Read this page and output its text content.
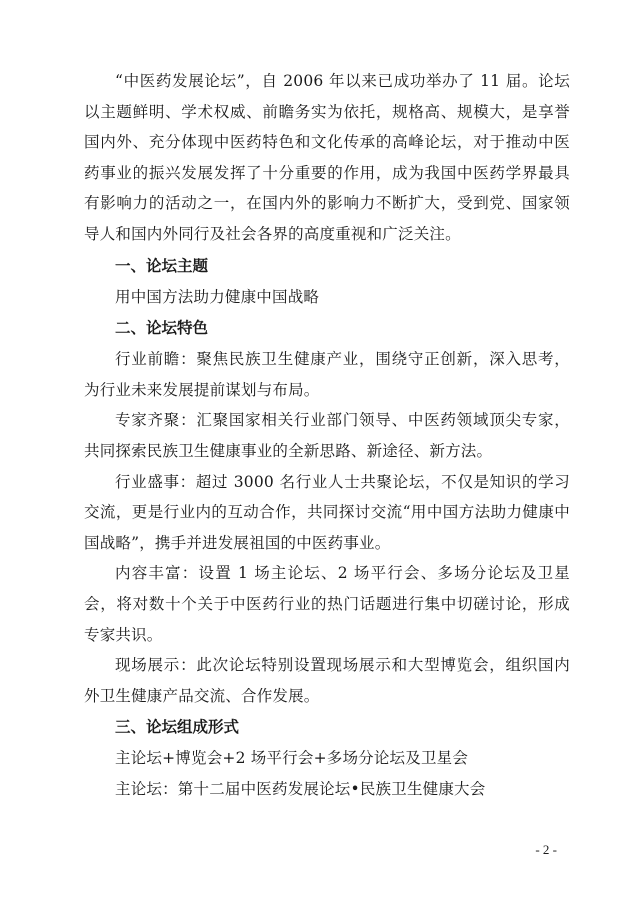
“中医药发展论坛”，自 2006 年以来已成功举办了 11 届。论坛以主题鲜明、学术权威、前瞻务实为依托，规格高、规模大，是享誉国内外、充分体现中医药特色和文化传承的高峰论坛，对于推动中医药事业的振兴发展发挥了十分重要的作用，成为我国中医药学界最具有影响力的活动之一，在国内外的影响力不断扩大，受到党、国家领导人和国内外同行及社会各界的高度重视和广泛关注。

一、论坛主题

用中国方法助力健康中国战略

二、论坛特色

行业前瞻：聚焦民族卫生健康产业，围绕守正创新，深入思考，为行业未来发展提前谋划与布局。

专家齐聚：汇聚国家相关行业部门领导、中医药领域顶尖专家，共同探索民族卫生健康事业的全新思路、新途径、新方法。

行业盛事：超过 3000 名行业人士共聚论坛，不仅是知识的学习交流，更是行业内的互动合作，共同探讨交流“用中国方法助力健康中国战略”，携手并进发展祖国的中医药事业。

内容丰富：设置 1 场主论坛、2 场平行会、多场分论坛及卫星会，将对数十个关于中医药行业的热门话题进行集中切磋讨论，形成专家共识。

现场展示：此次论坛特别设置现场展示和大型博览会，组织国内外卫生健康产品交流、合作发展。

三、论坛组成形式

主论坛+博览会+2 场平行会+多场分论坛及卫星会

主论坛：第十二届中医药发展论坛•民族卫生健康大会

- 2 -
